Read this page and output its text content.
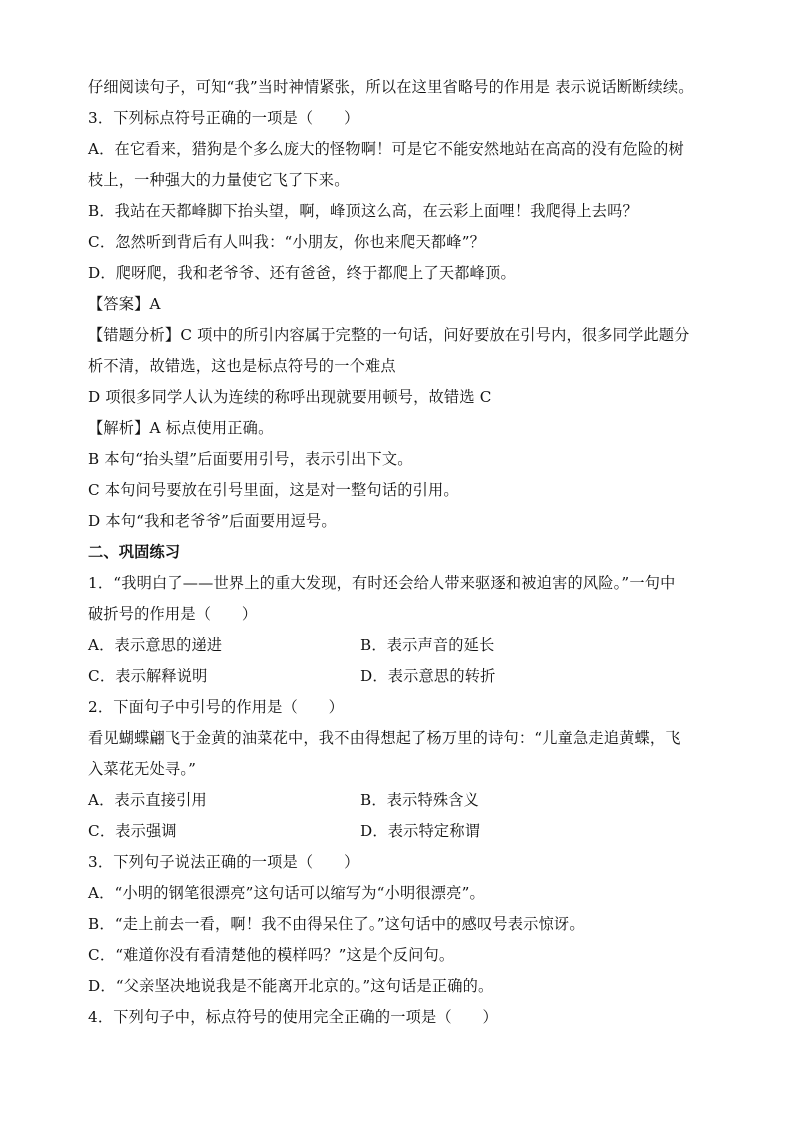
仔细阅读句子，可知“我”当时神情紧张，所以在这里省略号的作用是 表示说话断断续续。
3．下列标点符号正确的一项是（　　）
A．在它看来，猎狗是个多么庞大的怪物啊！可是它不能安然地站在高高的没有危险的树
枝上，一种强大的力量使它飞了下来。
B．我站在天都峰脚下抬头望，啊，峰顶这么高，在云彩上面哩！我爬得上去吗？
C．忽然听到背后有人叫我：“小朋友，你也来爬天都峰”？
D．爬呀爬，我和老爷爷、还有爸爸，终于都爬上了天都峰顶。
【答案】A
【错题分析】C 项中的所引内容属于完整的一句话，问好要放在引号内，很多同学此题分
析不清，故错选，这也是标点符号的一个难点
D 项很多同学人认为连续的称呼出现就要用顿号，故错选 C
【解析】A 标点使用正确。
B 本句“抬头望”后面要用引号，表示引出下文。
C 本句问号要放在引号里面，这是对一整句话的引用。
D 本句“我和老爷爷”后面要用逗号。
二、巩固练习
1．“我明白了——世界上的重大发现，有时还会给人带来驱逐和被迫害的风险。”一句中
破折号的作用是（　　）
A．表示意思的递进	B．表示声音的延长
C．表示解释说明	D．表示意思的转折
2．下面句子中引号的作用是（　　）
看见蝴蝶翩飞于金黄的油菜花中，我不由得想起了杨万里的诗句：“儿童急走追黄蝶，飞
入菜花无处寻。”
A．表示直接引用	B．表示特殊含义
C．表示强调	D．表示特定称谓
3．下列句子说法正确的一项是（　　）
A．“小明的钢笔很漂亮”这句话可以缩写为“小明很漂亮”。
B．“走上前去一看，啊！我不由得呆住了。”这句话中的感叹号表示惊讶。
C．“难道你没有看清楚他的模样吗？”这是个反问句。
D．“父亲坚决地说我是不能离开北京的。”这句话是正确的。
4．下列句子中，标点符号的使用完全正确的一项是（　　）
